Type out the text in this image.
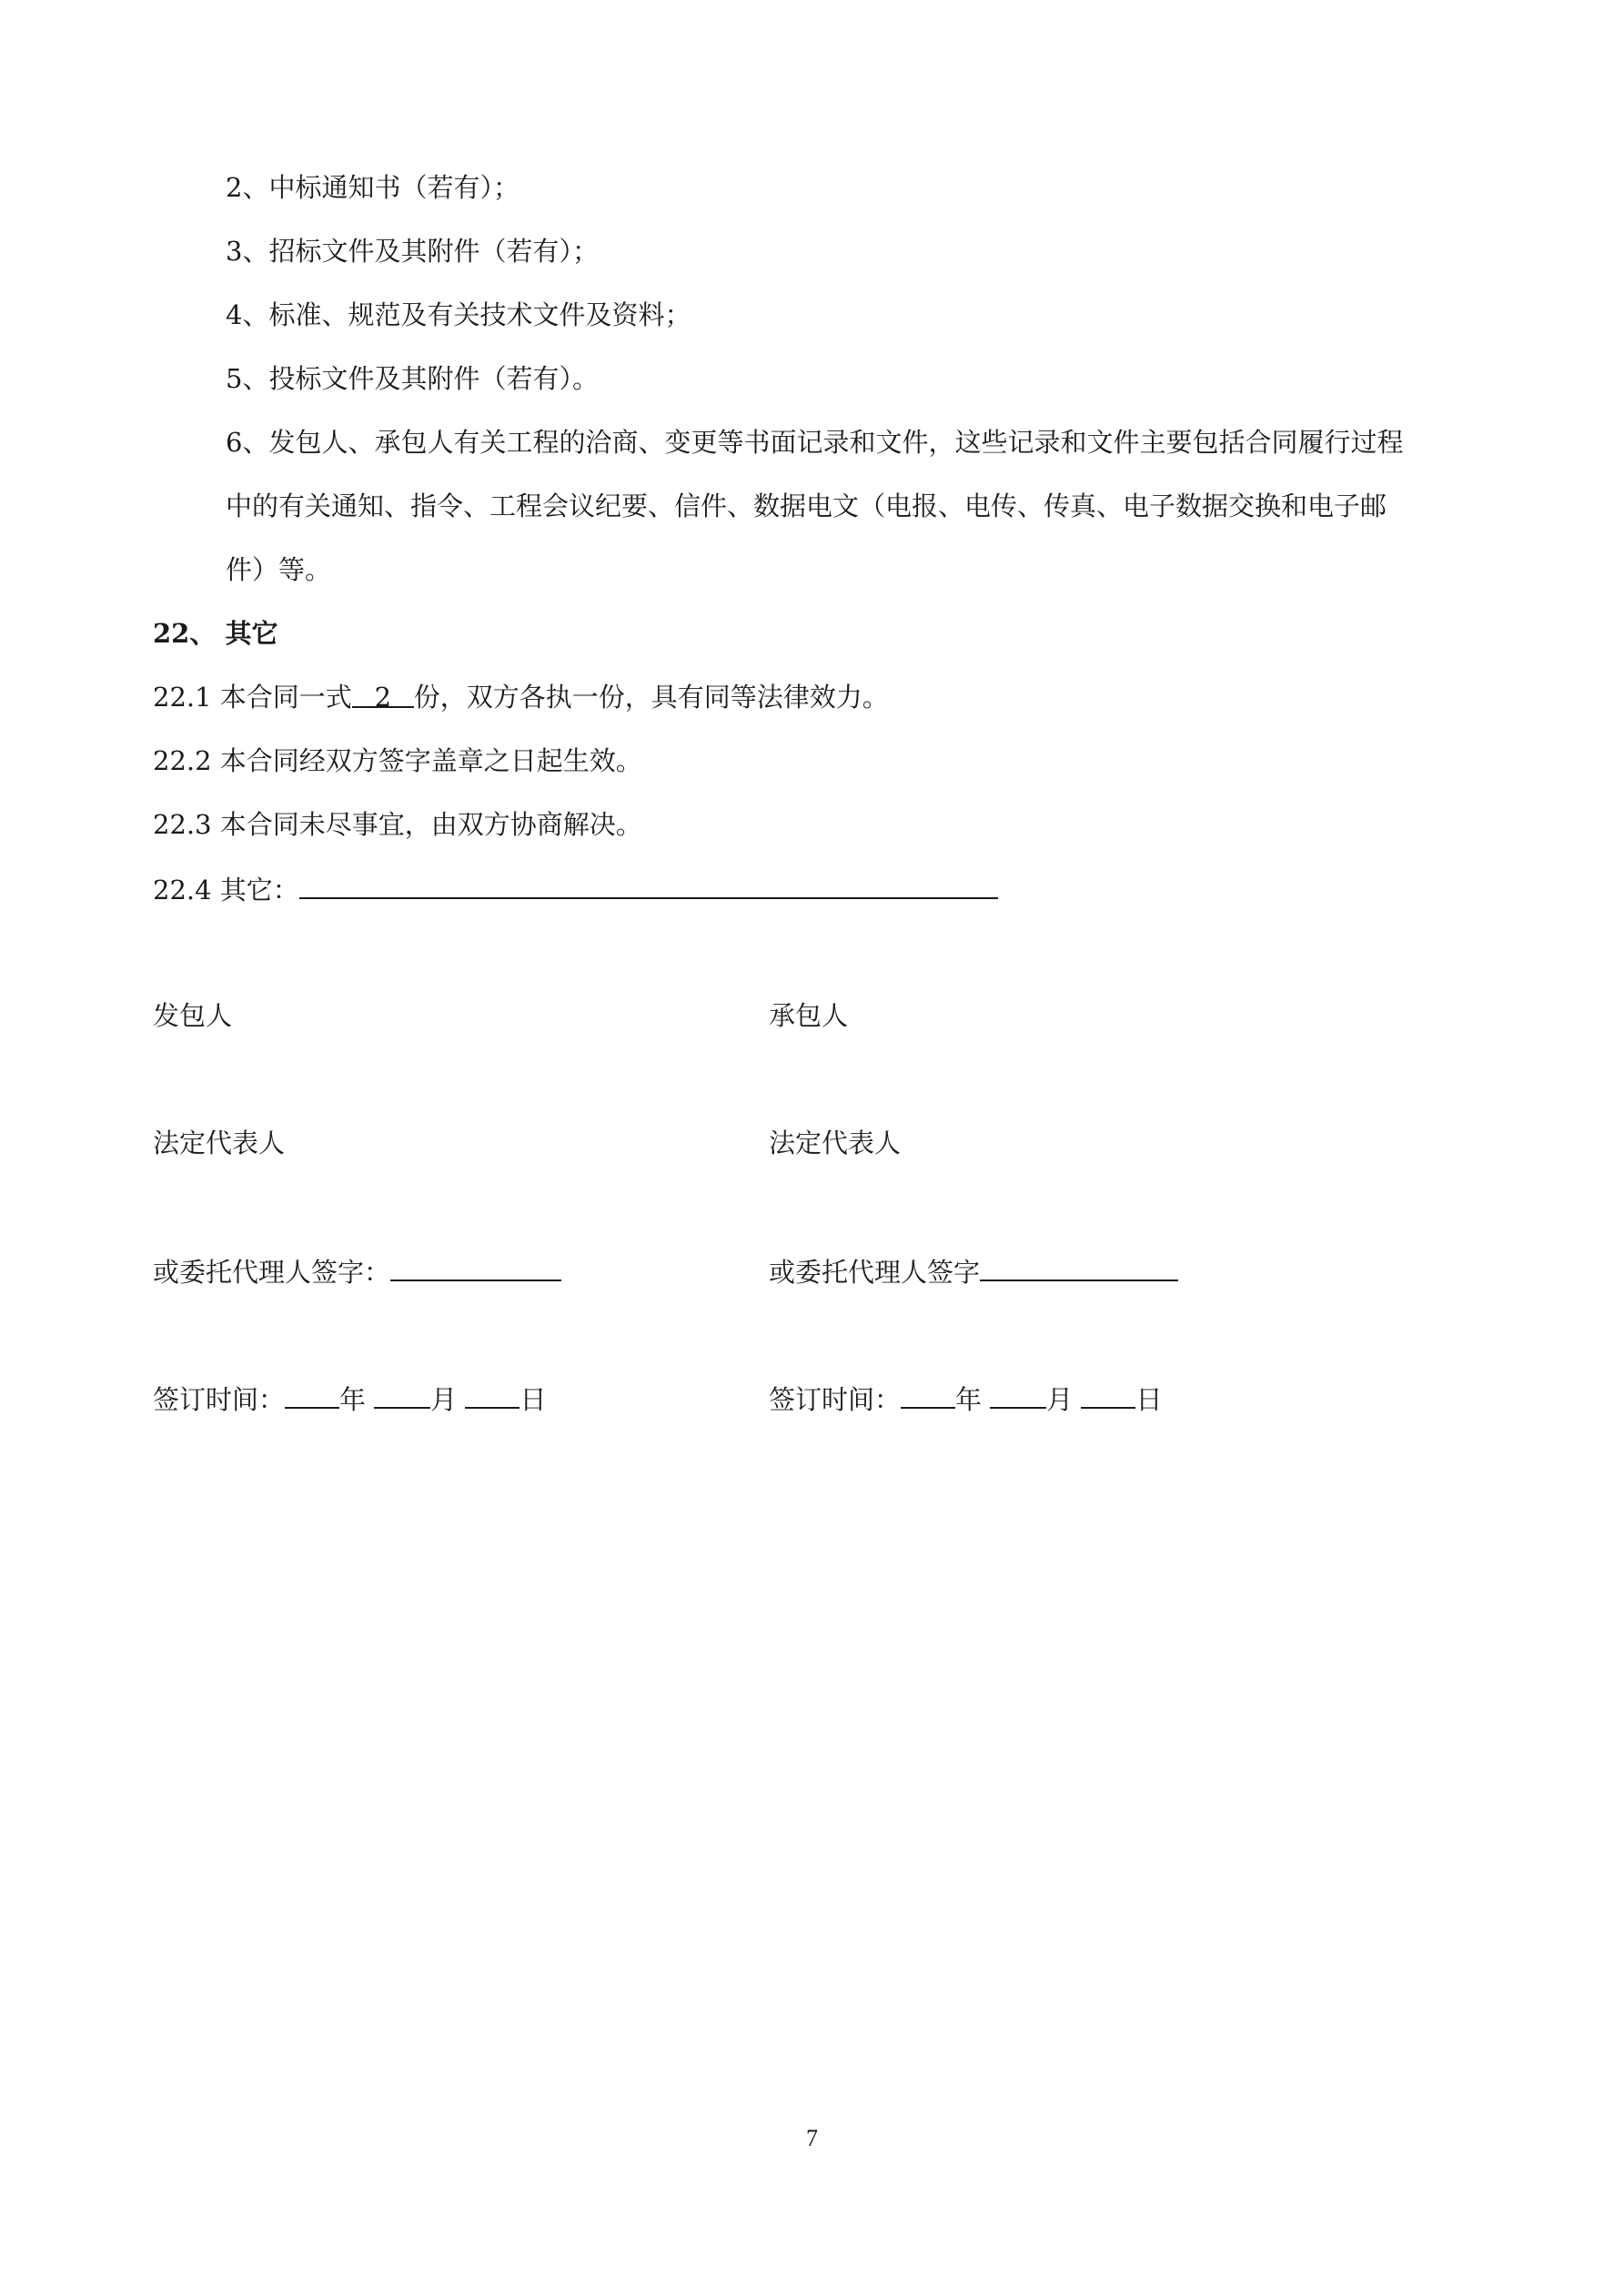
2、中标通知书（若有）；
3、招标文件及其附件（若有）；
4、标准、规范及有关技术文件及资料；
5、投标文件及其附件（若有）。
6、发包人、承包人有关工程的洽商、变更等书面记录和文件，这些记录和文件主要包括合同履行过程
中的有关通知、指令、工程会议纪要、信件、数据电文（电报、电传、传真、电子数据交换和电子邮
件）等。
22、 其它
22.1 本合同一式 2 份，双方各执一份，具有同等法律效力。
22.2 本合同经双方签字盖章之日起生效。
22.3 本合同未尽事宜，由双方协商解决。
22.4 其它：
发包人
法定代表人
或委托代理人签字：
签订时间： 年 月 日
承包人
法定代表人
或委托代理人签字
签订时间： 年 月 日
7
